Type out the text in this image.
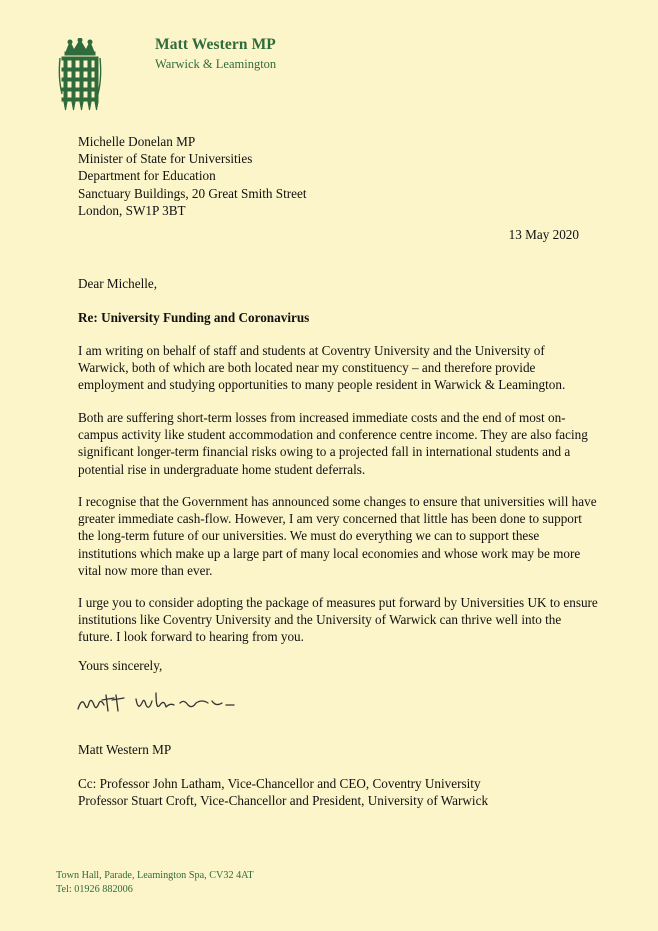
Matt Western MP
Warwick & Leamington
Michelle Donelan MP
Minister of State for Universities
Department for Education
Sanctuary Buildings, 20 Great Smith Street
London, SW1P 3BT
13 May 2020
Dear Michelle,
Re: University Funding and Coronavirus
I am writing on behalf of staff and students at Coventry University and the University of Warwick, both of which are both located near my constituency – and therefore provide employment and studying opportunities to many people resident in Warwick & Leamington.
Both are suffering short-term losses from increased immediate costs and the end of most on-campus activity like student accommodation and conference centre income. They are also facing significant longer-term financial risks owing to a projected fall in international students and a potential rise in undergraduate home student deferrals.
I recognise that the Government has announced some changes to ensure that universities will have greater immediate cash-flow. However, I am very concerned that little has been done to support the long-term future of our universities. We must do everything we can to support these institutions which make up a large part of many local economies and whose work may be more vital now more than ever.
I urge you to consider adopting the package of measures put forward by Universities UK to ensure institutions like Coventry University and the University of Warwick can thrive well into the future. I look forward to hearing from you.
Yours sincerely,
Matt Western MP
Cc: Professor John Latham, Vice-Chancellor and CEO, Coventry University
Professor Stuart Croft, Vice-Chancellor and President, University of Warwick
Town Hall, Parade, Leamington Spa, CV32 4AT
Tel: 01926 882006
